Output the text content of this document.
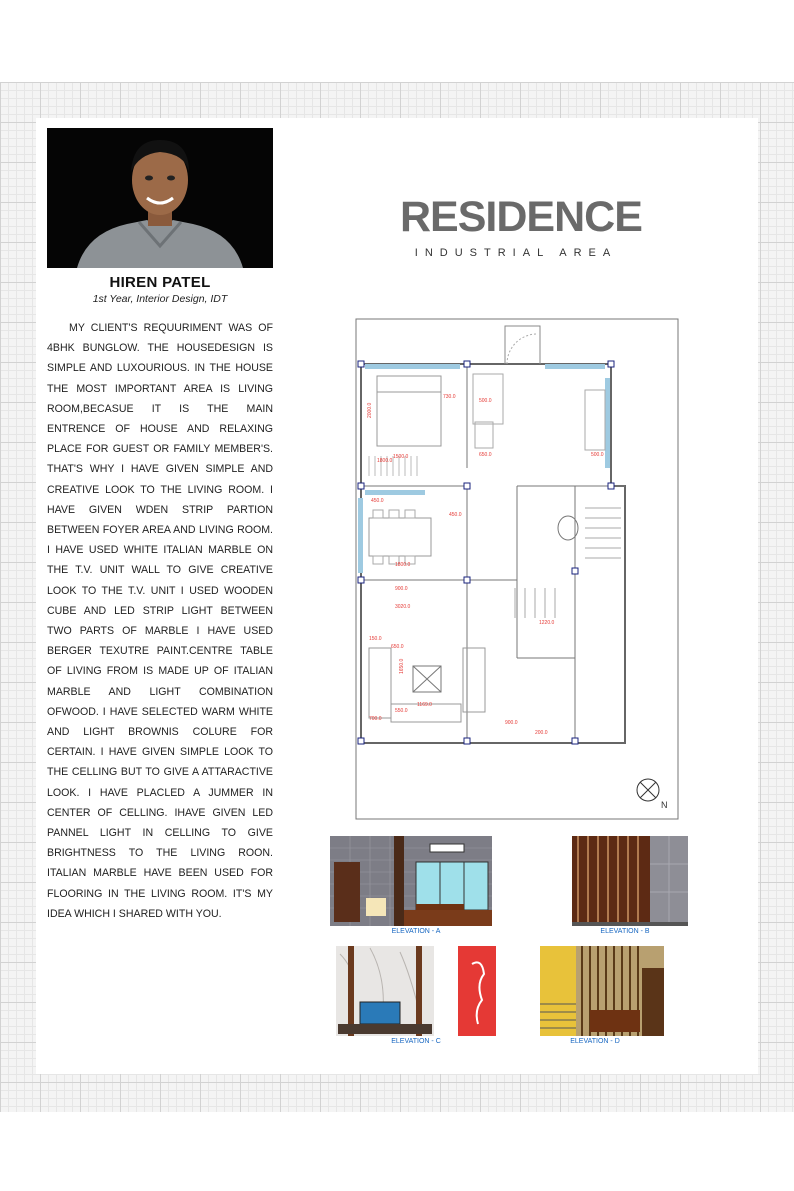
HIREN PATEL
1st Year, Interior Design, IDT

MY CLIENT'S REQUURIMENT WAS OF 4BHK BUNGLOW. THE HOUSEDESIGN IS SIMPLE AND LUXOURIOUS. IN THE HOUSE THE MOST IMPORTANT AREA IS LIVING ROOM,BECASUE IT IS THE MAIN ENTRENCE OF HOUSE AND RELAXING PLACE FOR GUEST OR FAMILY MEMBER'S. THAT'S WHY I HAVE GIVEN SIMPLE AND CREATIVE LOOK TO THE LIVING ROOM. I HAVE GIVEN WDEN STRIP PARTION BETWEEN FOYER AREA AND LIVING ROOM. I HAVE USED WHITE ITALIAN MARBLE ON THE T.V. UNIT WALL TO GIVE CREATIVE LOOK TO THE T.V. UNIT I USED WOODEN CUBE AND LED STRIP LIGHT BETWEEN TWO PARTS OF MARBLE I HAVE USED BERGER TEXUTRE PAINT.CENTRE TABLE OF LIVING FROM IS MADE UP OF ITALIAN MARBLE AND LIGHT COMBINATION OFWOOD. I HAVE SELECTED WARM WHITE AND LIGHT BROWNIS COLURE FOR CERTAIN. I HAVE GIVEN SIMPLE LOOK TO THE CELLING BUT TO GIVE A ATTARACTIVE LOOK. I HAVE PLACLED A JUMMER IN CENTER OF CELLING. IHAVE GIVEN LED PANNEL LIGHT IN CELLING TO GIVE BRIGHTNESS TO THE LIVING ROON. ITALIAN MARBLE HAVE BEEN USED FOR FLOORING IN THE LIVING ROOM. IT'S MY IDEA WHICH I SHARED WITH YOU.

RESIDENCE
INDUSTRIAL AREA
2000.0
1500.0
730.0
500.0
650.0	500.0
1800.0
450.0
450.0
1800.0
900.0
3020.0
1220.0
150.0
650.0
1650.0
1169.0
700.0
550.0
900.0
200.0
N
ELEVATION - A	ELEVATION - B
ELEVATION - C	ELEVATION - D
